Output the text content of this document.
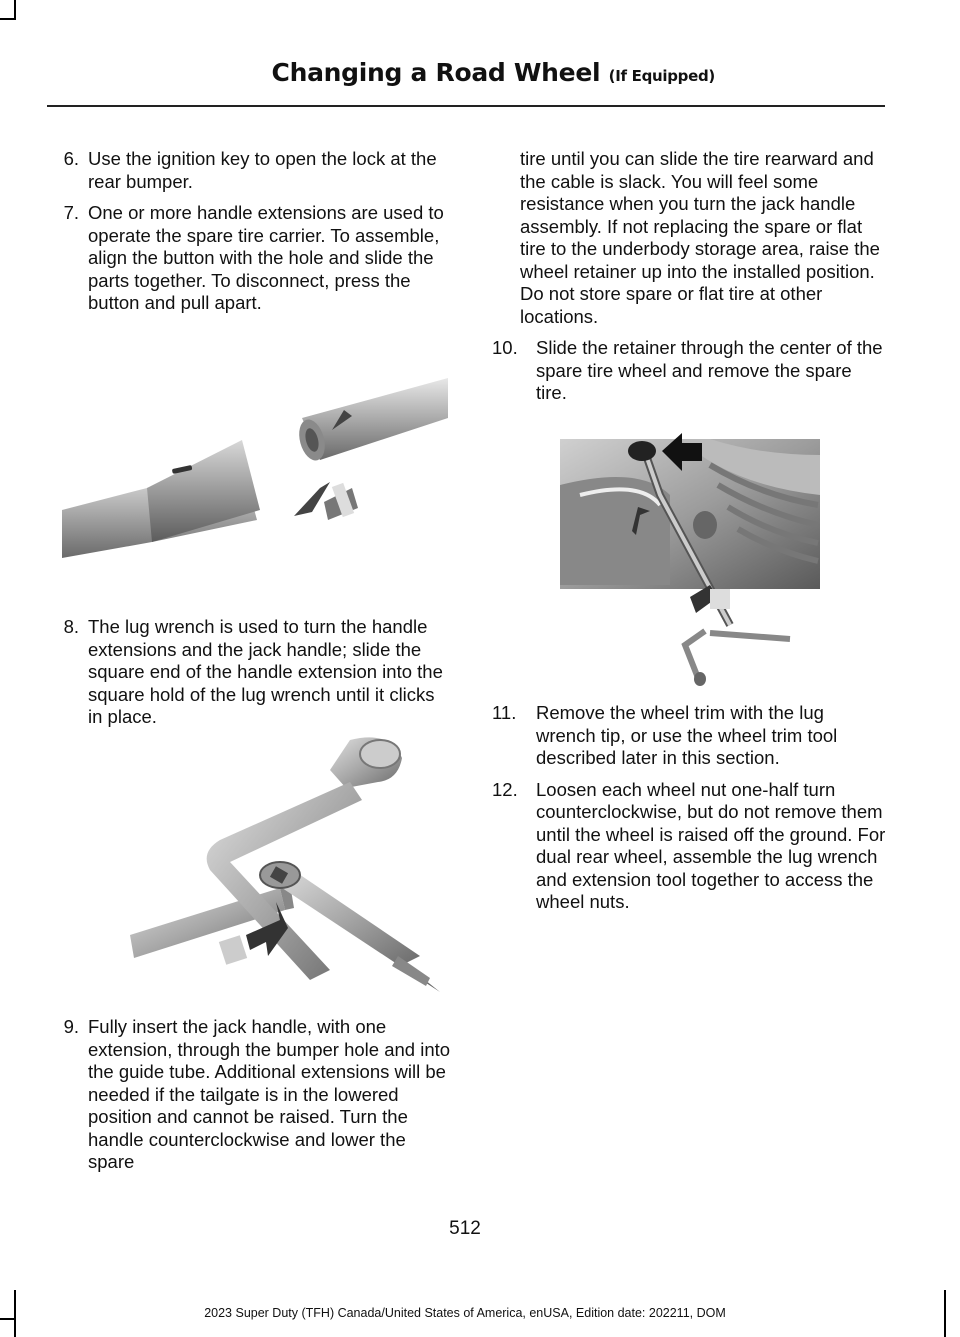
Changing a Road Wheel (If Equipped)
6. Use the ignition key to open the lock at the rear bumper.
7. One or more handle extensions are used to operate the spare tire carrier. To assemble, align the button with the hole and slide the parts together. To disconnect, press the button and pull apart.
8. The lug wrench is used to turn the handle extensions and the jack handle; slide the square end of the handle extension into the square hold of the lug wrench until it clicks in place.
9. Fully insert the jack handle, with one extension, through the bumper hole and into the guide tube. Additional extensions will be needed if the tailgate is in the lowered position and cannot be raised. Turn the handle counterclockwise and lower the spare
tire until you can slide the tire rearward and the cable is slack. You will feel some resistance when you turn the jack handle assembly. If not replacing the spare or flat tire to the underbody storage area, raise the wheel retainer up into the installed position. Do not store spare or flat tire at other locations.
10. Slide the retainer through the center of the spare tire wheel and remove the spare tire.
11.	Remove the wheel trim with the lug wrench tip, or use the wheel trim tool described later in this section.
12. Loosen each wheel nut one-half turn counterclockwise, but do not remove them until the wheel is raised off the ground. For dual rear wheel, assemble the lug wrench and extension tool together to access the wheel nuts.
512
2023 Super Duty (TFH) Canada/United States of America, enUSA, Edition date: 202211, DOM
